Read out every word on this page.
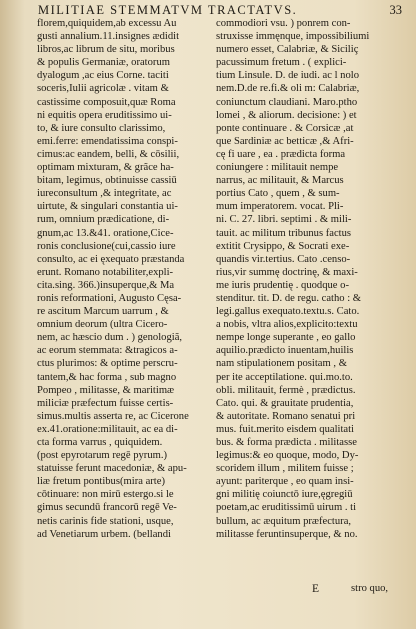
MILITIAE STEMMATVM TRACTATVS.	33
florem,quiquidem,ab excessu Au
gusti annalium.11.insignes ædidit
libros,ac librum de situ, moribus
& populis Germaniæ, oratorum
dyalogum ,ac eius Corne. taciti
soceris,Iulii agricolæ . vitam &
castissime composuit,quæ Roma
ni equitis opera eruditissimo ui-
to, & iure consulto clarissimo,
emi.ferre: emendatissima conspi-
cimus:ac eandem, belli, & cōsilii,
optimam mixturam, & grãce ha-
bitam, legimus, obtinuisse cassiū
iureconsultum ,& integritate, ac
uirtute, & singulari constantia ui-
rum, omnium prædicatione, di-
gnum,ac 13.&41. oratione,Cice-
ronis conclusione(cui,cassio iure
consulto, ac ei ęxequato præstanda
erunt. Romano notabiliter,expli-
cita.sing. 366.)insuperque,& Ma
ronis reformationi, Augusto Cęsa-
re ascitum Marcum uarrum , &
omnium deorum (ultra Cicero-
nem, ac hæscio dum . ) genologiã,
ac eorum stemmata: &tragicos a-
ctus plurimos: & optime perscru-
tantem,& hac forma , sub magno
Pompeo , militasse, & maritimæ
miliciæ præfectum fuisse certis-
simus.multis asserta re, ac Cicerone
ex.41.oratione:militauit, ac ea di-
cta forma varrus , quiquidem.
(post epyrotarum regē pyrum.)
statuisse ferunt macedoniæ, & apu-
liæ fretum pontibus(mira arte)
cōtinuare: non mirū estergo.si le
gimus secundū francorū regē Ve-
netis carinis fide stationi, usque,
ad Venetiarum urbem. (bellandi
commodiori vsu. ) ponrem con-
struxisse immęnque, impossibiliumi
numero esset, Calabriæ, & Siciliç
pacussimum fretum . ( explici-
tium Linsule. D. de iudi. ac l nolo
nem.D.de re.fi.& oli m: Calabriæ,
coniunctum claudiani. Maro.ptho
lomei , & aliorum. decisione: ) et
ponte continuare . & Corsicæ ,at
que Sardiniæ ac betticæ ,& Afri-
cę fi uare , ea . prædicta forma
coniungere : militauit nempe
narrus, ac militauit, & Marcus
portius Cato , quem , & sum-
mum imperatorem. vocat. Pli-
ni. C. 27. libri. septimi . & mili-
tauit. ac militum tribunus factus
extitit Crysippo, & Socrati exe-
quandis vir.tertius. Cato .censo-
rius,vir summę doctrinę, & maxi-
me iuris prudentię . quodque o-
stenditur. tit. D. de regu. catho : &
legi.gallus exequato.textu.s. Cato.
a nobis, vltra alios,explicito:textu
nempe longe superante , eo gallo
aquilio.prædicto inuentam,huilis
nam stipulationem positam , &
per ite acceptilatione. qui.mo.to.
obli. militauit, fermè , prædictus.
Cato. qui. & grauitate prudentia,
& autoritate. Romano senatui pri
mus. fuit.merito eisdem qualitati
bus. & forma prædicta . militasse
legimus:& eo quoque, modo, Dy-
scoridem illum , militem fuisse ;
ayunt: pariterque , eo quam insi-
gni militię coiunctō iure,ęgregiū
poetam,ac eruditissimū uirum . ti
bullum, ac æquitum præfectura,
militasse feruntinsuperque, & no.
E	stro quo,
